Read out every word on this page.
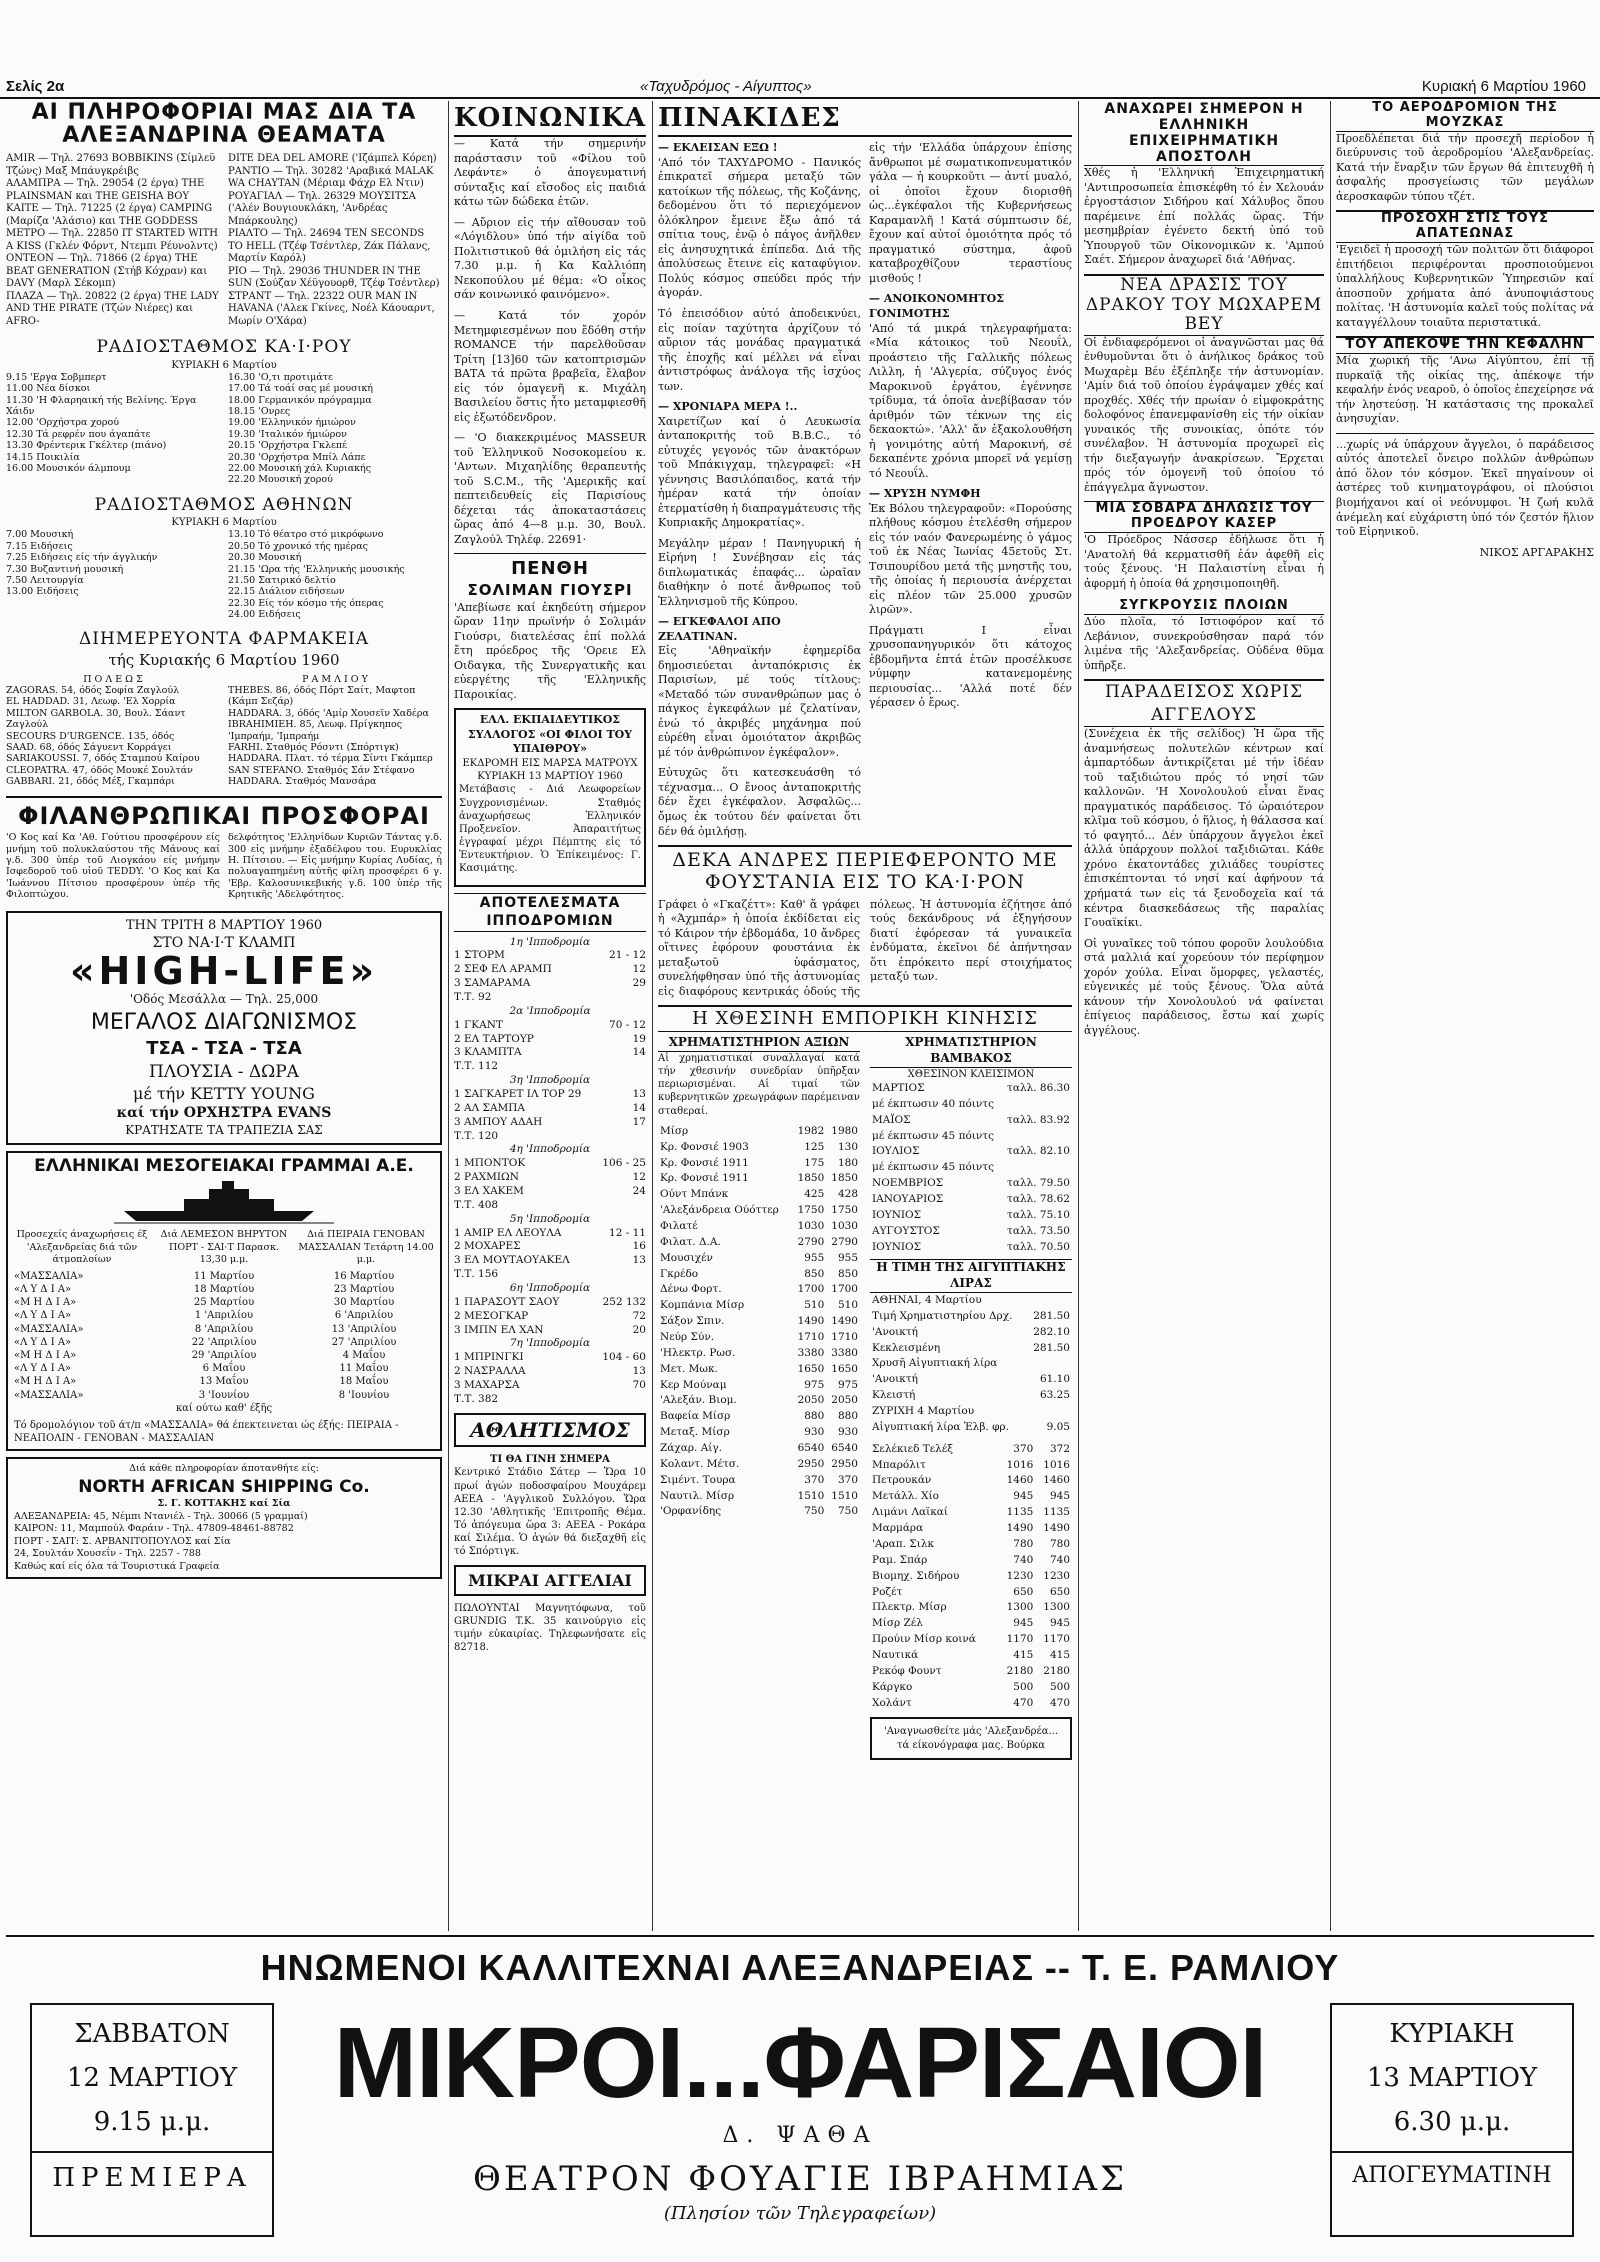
Σελίς 2α	«Ταχυδρόμος - Αίγυπτος»	Κυριακή 6 Μαρτίου 1960
ΑΙ ΠΛΗΡΟΦΟΡΙΑΙ ΜΑΣ ΔΙΑ ΤΑ ΑΛΕΞΑΝΔΡΙΝΑ ΘΕΑΜΑΤΑ
AMIR — Τηλ. 27693 BOBBIKINS (Σίμλεϋ Τζώνς) Μαξ Μπάυγκρέιβς
ΑΛΑΜΠΡΑ — Τηλ. 29054 (2 έργα) THE PLAINSMAN και THE GEISHA BOY
ΚΑΙΤΕ — Τηλ. 71225 (2 έργα) CAMPING (Μαρίζα 'Αλάσιο) και THE GODDESS
ΜΕΤΡΟ — Τηλ. 22850 IT STARTED WITH A KISS (Γκλέν Φόρντ, Ντεμπι Ρέυνολντς)
ΟΝΤΕΟΝ — Τηλ. 71866 (2 έργα) THE BEAT GENERATION (Στήβ Κόχραν) και DAVY (Μαρλ Σέκομπ)
ΠΛΑΖΑ — Τηλ. 20822 (2 έργα) THE LADY AND THE PIRATE (Τζών Νιέρες) και AFRO-
DITE DEA DEL AMORE ('Ιζάμπελ Κόρεη)
ΡΑΝΤΙΟ — Τηλ. 30282 'Αραβικά MALAK WA CHAYTAN (Μέριαμ Φάχρ Ελ Ντιν)
ΡΟΥΑΓΙΑΛ — Τηλ. 26329 ΜΟΥΣΙΤΣΑ ('Αλέν Βουγιουκλάκη, 'Ανδρέας Μπάρκουλης)
ΡΙΑΛΤΟ — Τηλ. 24694 TEN SECONDS TO HELL (Τζέφ Τσέντλερ, Ζάκ Πάλανς, Μαρτίν Καρόλ)
ΡΙΟ — Τηλ. 29036 THUNDER IN THE SUN (Σούζαν Χέϋγουορθ, Τζέφ Τσέντλερ)
ΣΤΡΑΝΤ — Τηλ. 22322 OUR MAN IN HAVANA ('Αλεκ Γκίνες, Νοέλ Κάουαρντ, Μωρίν Ο'Χάρα)
ΡΑΔΙΟΣΤΑΘΜΟΣ ΚΑ·Ι·ΡΟΥ
ΚΥΡΙΑΚΗ 6 Μαρτίου
9.15 'Εργα Σοβμπερτ
11.00 Νέα δίσκοι
11.30 'Η Φλαρηαική τής Βελίνης. Έργα Χάιδν
12.00 'Ορχήστρα χορού
12.30 Τά ρεφρέν που άγαπάτε
13.30 Φρέντερικ Γκέλτερ (πιάνο)
14.15 Ποικιλία
16.00 Μουσικόν άλμπουμ
16.30 'Ο,τι προτιμάτε
17.00 Τά τοάί σας μέ μουσική
18.00 Γερμανικόν πρόγραμμα
18.15 'Ονρες
19.00 'Ελληνικόν ήμιώρον
19.30 'Ιταλικόν ήμιώρον
20.15 'Ορχήστρα Γκλεπέ
20.30 'Ορχήστρα Μπίλ Λάπε
22.00 Μουσική χάλ Κυριακής
22.20 Μουσική χορού
ΡΑΔΙΟΣΤΑΘΜΟΣ ΑΘΗΝΩΝ
ΚΥΡΙΑΚΗ 6 Μαρτίου
7.00 Μουσική
7.15 Ειδήσεις
7.25 Ειδήσεις είς τήν άγγλικήν
7.30 Βυζαντινή μουσική
7.50 Λειτουργία
13.00 Ειδήσεις
13.10 Τό θέατρο στό μικρόφωνο
20.50 Τό χρονικό τής ημέρας
20.30 Μουσική
21.15 'Ωρα τής 'Ελληνικής μουσικής
21.50 Σατιρικό δελτίο
22.15 Διάλιον ειδήσεων
22.30 Είς τόν κόσμο τής όπερας
24.00 Ειδήσεις
ΔΙΗΜΕΡΕΥΟΝΤΑ ΦΑΡΜΑΚΕΙΑ
τής Κυριακής 6 Μαρτίου 1960
Π Ο Λ Ε Ω Σ
ZAGORAS. 54, όδός Σοφία Ζαγλούλ
EL HADDAD. 31, Λεωφ. 'Ελ Χορρία
MILTON GARBOLA. 30, Βουλ. Σάαντ Ζαγλούλ
SECOURS D'URGENCE. 135, όδός
SAAD. 68, όδός Σάγυεντ Κορράγει
SARIAKOUSSI. 7, όδός Σταμπού Καίρου
CLEOPATRA. 47, όδός Μουκέ Σουλτάν
GABBARI. 21, όδός Μέξ, Γκαμπάρι
Ρ Α Μ Λ Ι Ο Υ
THEBES. 86, όδός Πόρτ Σαίτ, Μαφτοπ (Κάμπ Σεζάρ)
HADDARA. 3, όδός 'Αμίρ Χουσεϊν Χαδέρα
IBRAHIMIEH. 85, Λεωφ. Πρίγκηπος 'Ιμπραήμ, 'Ιμπραήμ
FARHI. Σταθμός Ρόσντι (Σπόρτιγκ)
HADDARA. Πλατ. τό τέρμα Σίντι Γκάμπερ
SAN STEFANO. Σταθμός Σάν Στέφανο
HADDARA. Σταθμός Μανσάρα
ΦΙΛΑΝΘΡΩΠΙΚΑΙ ΠΡΟΣΦΟΡΑΙ
'Ο Κος καί Κα 'Αθ. Γούτιου προσφέρουν είς μνήμη τοῦ πολυκλαύστου τῆς Μάνους καί γ.δ. 300 ὑπέρ τοῦ Λιογκάου είς μνήμην Ισφεδοροῦ τοῦ υἱοῦ TEDDY. 'Ο Κος καί Κα 'Ιωάννου Πίτσιου προσφέρουν ὑπέρ τῆς Φιλοπτώχου.
δελφότητος 'Ελληνίδων Κυριῶν Τάντας γ.δ. 300 εἰς μνήμην ἐξαδέλφου του. Ευρυκλίας Η. Πίτσιου. — Εἰς μνήμην Κυρίας Λυδίας, ἡ πολυαγαπημένη αὐτῆς φίλη προσφέρει 6 γ. 'Εβρ. Καλοσυνικεβικής γ.δ. 100 ὑπέρ τῆς Κρητικῆς 'Αδελφότητος.
ΤΗΝ ΤΡΙΤΗ 8 ΜΑΡΤΙΟΥ 1960
ΣΤΟ ΝΑ·Ι·Τ ΚΛΑΜΠ
«HIGH-LIFE»
'Οδός Μεσάλλα — Τηλ. 25,000
ΜΕΓΑΛΟΣ ΔΙΑΓΩΝΙΣΜΟΣ
ΤΣΑ - ΤΣΑ - ΤΣΑ
ΠΛΟΥΣΙΑ - ΔΩΡΑ
μέ τήν KETTY YOUNG
καί τήν ΟΡΧΗΣΤΡΑ EVANS
ΚΡΑΤΗΣΑΤΕ ΤΑ ΤΡΑΠΕΖΙΑ ΣΑΣ
ΕΛΛΗΝΙΚΑΙ ΜΕΣΟΓΕΙΑΚΑΙ ΓΡΑΜΜΑΙ Α.Ε.
Προσεχείς άναχωρήσεις έξ 'Αλεξανδρείας διά τῶν άτμοπλοίων
Διά ΛΕΜΕΣΟΝ ΒΗΡΥΤΟΝ ΠΟΡΤ - ΣΑΙ·Τ Παρασκ. 13,30 μ.μ.
Διά ΠΕΙΡΑΙΑ ΓΕΝΟΒΑΝ ΜΑΣΣΑΛΙΑΝ Τετάρτη 14.00 μ.μ.
«ΜΑΣΣΑΛΙΑ»	11 Μαρτίου	16 Μαρτίου
«Λ Υ Δ Ι Α»	18 Μαρτίου	23 Μαρτίου
«Μ Η Δ Ι Α»	25 Μαρτίου	30 Μαρτίου
«Λ Υ Δ Ι Α»	1 'Απριλίου	6 'Απριλίου
«ΜΑΣΣΑΛΙΑ»	8 'Απριλίου	13 'Απριλίου
«Λ Υ Δ Ι Α»	22 'Απριλίου	27 'Απριλίου
«Μ Η Δ Ι Α»	29 'Απριλίου	4 Μαΐου
«Λ Υ Δ Ι Α»	6 Μαΐου	11 Μαΐου
«Μ Η Δ Ι Α»	13 Μαΐου	18 Μαΐου
«ΜΑΣΣΑΛΙΑ»	3 'Ιουνίου	8 'Ιουνίου
καί ούτω καθ' έξῆς
Τό δρομολόγιον τοῦ άτ/π «ΜΑΣΣΑΛΙΑ» θά έπεκτεινεται ώς έξής: ΠΕΙΡΑΙΑ - ΝΕΑΠΟΛΙΝ - ΓΕΝΟΒΑΝ - ΜΑΣΣΑΛΙΑΝ
Διά κάθε πληροφορίαν άποτανθήτε είς:
NORTH AFRICAN SHIPPING Co.
Σ. Γ. ΚΟΤΤΑΚΗΣ καί Σία
ΑΛΕΞΑΝΔΡΕΙΑ: 45, Νέμπι Ντανιέλ - Τηλ. 30066 (5 γραμμαί)
ΚΑΙΡΟΝ: 11, Μαμπούλ Φαράιν - Τηλ. 47809-48461-88782
ΠΟΡΤ - ΣΑΙΤ: Σ. ΑΡΒΑΝΙΤΟΠΟΥΛΟΣ καί Σία
24, Σουλτάν Χουσεΐν - Τηλ. 2257 - 788
Καθώς καί είς όλα τά Τουριστικά Γραφεία
ΚΟΙΝΩΝΙΚΑ

— Κατά τήν σημερινήν παράστασιν τοῦ «Φίλου τοῦ Λεφάντε» ὁ ἀπογευματινή σύνταξις καί εἴσοδος εἰς παιδιά κάτω τῶν δώδεκα ἐτῶν.

— Αὔριον εἰς τήν αἴθουσαν τοῦ «Λόγιδλου» ὑπό τήν αἰγίδα τοῦ Πολιτιστικοῦ θά ὁμιλήση εἰς τάς 7.30 μ.μ. ἡ Κα Καλλιόπη Νεκοπούλου μέ θέμα: «Ὁ οἶκος σάν κοινωνικό φαινόμενο».

— Κατά τόν χορόν Μετημφιεσμένων που ἔδόθη στήν ROMANCE τήν παρελθοῦσαν Τρίτη [13]60 τῶν κατοπτρισμῶν ΒΑΤΑ τά πρῶτα βραβεῖα, ἔλαβον εἰς τόν ὀμαγενῆ κ. Μιχάλη Βασιλείου ὅστις ἦτο μεταμφιεσθῆ εἰς ἐξωτόδενδρον.

— 'Ο διακεκριμένος MASSEUR τοῦ Ἑλληνικοῦ Νοσοκομείου κ. 'Αντων. Μιχαηλίδης θεραπευτής τοῦ S.C.M., τῆς 'Αμερικῆς καί πεπτειδευθείς εἰς Παρισίους δέχεται τάς ἀποκαταστάσεις ὥρας ἀπό 4—8 μ.μ. 30, Βουλ. Ζαγλούλ Τηλέφ. 22691·

ΠΕΝΘΗ
ΣΟΛΙΜΑΝ ΓΙΟΥΣΡΙ

'Απεβίωσε καί ἐκηδεύτη σήμερον ὥραν 11ην πρωϊνήν ὁ Σολιμάν Γιούσρι, διατελέσας ἐπί πολλά ἔτη πρόεδρος τῆς 'Ορειε Ελ Οιδαγκα, τῆς Συνεργατικῆς και εὐεργέτης τῆς 'Ελληνικῆς Παροικίας.

ΕΛΛ. ΕΚΠΑΙΔΕΥΤΙΚΟΣ ΣΥΛΛΟΓΟΣ «ΟΙ ΦΙΛΟΙ ΤΟΥ ΥΠΑΙΘΡΟΥ»
ΕΚΔΡΟΜΗ ΕΙΣ ΜΑΡΣΑ ΜΑΤΡΟΥΧ ΚΥΡΙΑΚΗ 13 ΜΑΡΤΙΟΥ 1960
Μετάβασις - Διά Λεωφορείων Συγχρονισμένων. Σταθμός ἀναχωρήσεως Ἑλληνικόν Προξενεῖον. Ἀπαραιτήτως ἐγγραφαί μέχρι Πέμπτης εἰς τό Ἐντευκτήριον. Ὁ Ἐπίκειμένος: Γ. Κασιμάτης.
ΑΠΟΤΕΛΕΣΜΑΤΑ ΙΠΠΟΔΡΟΜΙΩΝ
1η 'Ιπποδρομία
1 ΣΤΟΡΜ	21 - 12
2 ΣΕΦ ΕΛ ΑΡΑΜΠ	12
3 ΣΑΜΑΡΑΜΑ	29
Τ.Τ. 92
2α 'Ιπποδρομία
1 ΓΚΑΝΤ	70 - 12
2 ΕΛ ΤΑΡΤΟΥΡ	19
3 ΚΛΑΜΠΤΑ	14
Τ.Τ. 112
3η 'Ιπποδρομία
1 ΣΑΓΚΑΡΕΤ ΙΛ ΤΟΡ 29	13
2 ΑΛ ΣΑΜΠΑ	14
3 ΑΜΠΟΥ ΑΔΑΗ	17
Τ.Τ. 120
4η 'Ιπποδρομία
1 ΜΠΟΝΤΟΚ	106 - 25
2 ΡΑΧΜΙΩΝ	12
3 ΕΛ ΧΑΚΕΜ	24
Τ.Τ. 408
5η 'Ιπποδρομία
1 ΑΜΙΡ ΕΛ ΛΕΟΥΛΑ	12 - 11
2 ΜΟΧΑΡΕΣ	16
3 ΕΛ ΜΟΥΤΑΟΥΑΚΕΛ	13
Τ.Τ. 156
6η 'Ιπποδρομία
1 ΠΑΡΑΣΟΥΤ ΣΑΟΥ	252 132
2 ΜΕΣΟΓΚΑΡ	72
3 ΙΜΠΝ ΕΛ ΧΑΝ	20
7η 'Ιπποδρομία
1 ΜΠΡΙΝΓΚΙ	104 - 60
2 ΝΑΣΡΑΛΛΑ	13
3 ΜΑΧΑΡΣΑ	70
Τ.Τ. 382
ΑΘΛΗΤΙΣΜΟΣ
ΤΙ ΘΑ ΓΙΝΗ ΣΗΜΕΡΑ

Κεντρικό Στάδιο Σάτερ — Ὥρα 10 πρωί ἀγών ποδοσφαίρου Μουχάρεμ ΑΕΕΑ - 'Αγγλικοῦ Συλλόγου. Ὥρα 12.30 'Αθλητικῆς 'Επιτροπῆς Θέμα. Τό ἀπόγευμα ὥρα 3: ΑΕΕΑ - Ροκάρα καί Σιλέμα. Ὁ ἀγών θά διεξαχθῆ εἰς τό Σπόρτιγκ.

ΜΙΚΡΑΙ ΑΓΓΕΛΙΑΙ

ΠΩΛΟΥΝΤΑΙ Μαγνητόφωνα, τοῦ GRUNDIG T.K. 35 καινούργιο εἰς τιμήν εὐκαιρίας. Τηλεφωνήσατε εἰς 82718.

ΠΙΝΑΚΙΔΕΣ
— ΕΚΛΕΙΣΑΝ ΕΞΩ !

'Από τόν ΤΑΧΥΔΡΟΜΟ - Πανικός ἐπικρατεῖ σήμερα μεταξύ τῶν κατοίκων τῆς πόλεως, τῆς Κοζάνης, δεδομένου ὅτι τό περιεχόμενον ὁλόκληρον ἔμεινε ἔξω ἀπό τά σπίτια τους, ἐνῷ ὁ πάγος ἀνῆλθεν εἰς ἀνησυχητικά ἐπίπεδα. Διά τῆς ἀπολύσεως ἔτεινε εἰς καταφύγιον. Πολύς κόσμος σπεύδει πρός τήν ἀγοράν.

Τό ἐπεισόδιον αὐτό ἀποδεικνύει, εἰς ποίαν ταχύτητα ἀρχίζουν τό αὔριον τάς μονάδας πραγματικά τῆς ἐποχῆς καί μέλλει νά εἶναι ἀντιστρόφως ἀνάλογα τῆς ἰσχύος των.

— ΧΡΟΝΙΑΡΑ ΜΕΡΑ !..

Χαιρετίζων καί ὁ Λευκωσία ἀνταποκριτής τοῦ Β.Β.C., τό εὐτυχές γεγονός τῶν ἀνακτόρων τοῦ Μπάκιγχαμ, τηλεγραφεῖ: «Η γέννησις Βασιλόπαιδος, κατά τήν ἡμέραν κατά τήν ὁποίαν ἐτερματίσθη ἡ διαπραγμάτευσις τῆς Κυπριακῆς Δημοκρατίας».

Μεγάλην μέραν ! Πανηγυρική ἡ Εἰρήνη ! Συνέβησαν εἰς τάς διπλωματικάς ἐπαφάς... ὡραῖαν διαθήκην ὁ ποτέ ἄνθρωπος τοῦ Ἐλληνισμοῦ τῆς Κύπρου.

— ΕΓΚΕΦΑΛΟΙ ΑΠΟ ΖΕΛΑΤΙΝΑΝ.

Εἰς 'Αθηναϊκήν ἐφημερίδα δημοσιεύεται ἀνταπόκρισις ἐκ Παρισίων, μέ τούς τίτλους: «Μεταδό τών συνανθρώπων μας ὁ πάγκος ἐγκεφάλων μέ ζελατίναν, ἐνώ τό ἀκριβές μηχάνημα πού εὑρέθη εἶναι ὁμοιότατον ἀκριβῶς μέ τόν ἀνθρώπινον ἐγκέφαλον».

Εὐτυχῶς ὅτι κατεσκευάσθη τό τέχνασμα... Ο ἔνοος ἀνταποκριτής δέν ἔχει ἐγκέφαλον. Ἀσφαλῶς... ὄμως ἐκ τούτου δέν φαίνεται ὅτι δέν θά ὁμιλήσῃ.

εἰς τήν 'Ελλάδα ὑπάρχουν ἐπίσης ἄνθρωποι μέ σωματικοπνευματικόν γάλα — ἡ κουρκοῦτι — ἀντί μυαλό, οἱ ὁποῖοι ἔχουν διορισθῆ ὡς...ἐγκέφαλοι τῆς Κυβερνήσεως Καραμανλῆ ! Κατά σύμπτωσιν δέ, ἔχουν καί αὐτοί ὁμοιότητα πρός τό πραγματικό σύστημα, ἀφοῦ καταβροχθίζουν τεραστίους μισθούς !

— ΑΝΟΙΚΟΝΟΜΗΤΟΣ ΓΟΝΙΜΟΤΗΣ

'Από τά μικρά τηλεγραφήματα: «Μία κάτοικος τοῦ Νεουΐλ, προάστειο τῆς Γαλλικῆς πόλεως Λιλλη, ἡ 'Αλγερία, σύζυγος ἐνός Μαροκινοῦ ἐργάτου, ἐγέννησε τρίδυμα, τά ὁποῖα ἀνεβίβασαν τόν ἀριθμόν τῶν τέκνων της εἰς δεκαοκτώ». 'Αλλ' ἄν ἐξακολουθήση ἡ γονιμότης αὐτή Μαροκινή, σέ δεκαπέντε χρόνια μπορεῖ νά γεμίσῃ τό Νεουΐλ.

— ΧΡΥΣΗ ΝΥΜΦΗ

Ἐκ Βόλου τηλεγραφοῦν: «Πορούσης πλήθους κόσμου ἐτελέσθη σήμερον εἰς τόν ναόν Φανερωμένης ὁ γάμος τοῦ ἐκ Νέας Ἰωνίας 45ετοῦς Στ. Τσιπουρίδου μετά τῆς μνηστῆς του, τῆς ὁποίας ἡ περιουσία ἀνέρχεται εἰς πλέον τῶν 25.000 χρυσῶν λιρῶν».

Πράγματι Ι εἶναι χρυσοπανηγυρικόν ὅτι κάτοχος ἑβδομῆντα ἑπτά ἐτῶν προσέλκυσε νύμφην κατανεμομένης περιουσίας... 'Αλλά ποτέ δέν γέρασεν ὁ ἔρως.

ΔΕΚΑ ΑΝΔΡΕΣ ΠΕΡΙΕΦΕΡΟΝΤΟ ΜΕ ΦΟΥΣΤΑΝΙΑ ΕΙΣ ΤΟ ΚΑ·Ι·ΡΟΝ

Γράφει ὁ «Γκαζέττ»: Καθ' ἅ γράφει ἡ «Άχμπάρ» ἡ ὁποία ἐκδίδεται εἰς τό Κάιρον τήν ἑβδομάδα, 10 ἄνδρες οἵτινες ἐφόρουν φουστάνια ἐκ μεταξωτοῦ ὑφάσματος, συνελήφθησαν ὑπό τῆς ἀστυνομίας εἰς διαφόρους κεντρικάς ὁδούς τῆς πόλεως. Ἡ ἀστυνομία ἐζήτησε ἀπό τούς δεκάνδρους νά ἐξηγήσουν διατί ἐφόρεσαν τά γυναικεῖα ἐνδύματα, ἐκεῖνοι δέ ἀπήντησαν ὅτι ἐπρόκειτο περί στοιχήματος μεταξύ των.

Η ΧΘΕΣΙΝΗ ΕΜΠΟΡΙΚΗ ΚΙΝΗΣΙΣ
ΧΡΗΜΑΤΙΣΤΗΡΙΟΝ ΑΞΙΩΝ

Αἱ χρηματιστικαί συναλλαγαί κατά τήν χθεσινήν συνεδρίαν ὑπῆρξαν περιωρισμέναι. Αἱ τιμαί τῶν κυβερνητικῶν χρεωγράφων παρέμειναν σταθεραί.

Μίσρ	1982	1980
Κρ. Φονσιέ 1903	125	130
Κρ. Φονσιέ 1911	175	180
Κρ. Φονσιέ 1911	1850	1850
Ούντ Μπάνκ	425	428
'Αλεξάνδρεια Ούόττερ	1750	1750
Φιλατέ	1030	1030
Φιλατ. Δ.Α.	2790	2790
Μουσιχέν	955	955
Γκρέδο	850	850
Δένω Φορτ.	1700	1700
Κομπάνια Μίσρ	510	510
Σάξον Σπιν.	1490	1490
Νεύρ Σύν.	1710	1710
'Ηλεκτρ. Ρωσ.	3380	3380
Μετ. Μωκ.	1650	1650
Κερ Μούναμ	975	975
'Αλεξάν. Βιομ.	2050	2050
Βαφεία Μίσρ	880	880
Μεταξ. Μίσρ	930	930
Ζάχαρ. Αίγ.	6540	6540
Κολαντ. Μέτσ.	2950	2950
Σιμέντ. Τουρα	370	370
Ναυτιλ. Μίσρ	1510	1510
'Ορφανίδης	750	750
ΧΡΗΜΑΤΙΣΤΗΡΙΟΝ ΒΑΜΒΑΚΟΣ
ΧΘΕΣΙΝΟΝ ΚΛΕΙΣΙΜΟΝ
ΜΑΡΤΙΟΣ	ταλλ. 86.30
μέ έκπτωσιν 40 πόιντς	
ΜΑΪΟΣ	ταλλ. 83.92
μέ έκπτωσιν 45 πόιντς	
ΙΟΥΛΙΟΣ	ταλλ. 82.10
μέ έκπτωσιν 45 πόιντς	
ΝΟΕΜΒΡΙΟΣ	ταλλ. 79.50
ΙΑΝΟΥΑΡΙΟΣ	ταλλ. 78.62
ΙΟΥΝΙΟΣ	ταλλ. 75.10
ΑΥΓΟΥΣΤΟΣ	ταλλ. 73.50
ΙΟΥΝΙΟΣ	ταλλ. 70.50
Η ΤΙΜΗ ΤΗΣ ΑΙΓΥΠΤΙΑΚΗΣ ΛΙΡΑΣ
ΑΘΗΝΑΙ, 4 Μαρτίου	
Τιμή Χρηματιστηρίου Δρχ.	281.50
'Ανοικτή	282.10
Κεκλεισμένη	281.50
Χρυσῆ Αἰγυπτιακή λίρα	
'Ανοικτή	61.10
Κλειστή	63.25
ΖΥΡΙΧΗ 4 Μαρτίου	
Αἰγυπτιακή λίρα Ἑλβ. φρ.	9.05
Σελέκιεδ Τελέξ	370	372
Μπαρόλιτ	1016	1016
Πετρουκάν	1460	1460
Μετάλλ. Χίο	945	945
Λιμάνι Λαϊκαί	1135	1135
Μαρμάρα	1490	1490
'Αραπ. Σιλκ	780	780
Ραμ. Σπάρ	740	740
Βιομηχ. Σιδήρου	1230	1230
Ροζέτ	650	650
Πλεκτρ. Μίσρ	1300	1300
Μίσρ Ζέλ	945	945
Προύιν Μίσρ κοινά	1170	1170
Ναυτικά	415	415
Ρεκόφ Φουντ	2180	2180
Κάργκο	500	500
Χολάντ	470	470
'Αναγνωσθείτε μάς 'Αλεξανδρέα... τά είκονόγραφα μας. Βούρκα
ΑΝΑΧΩΡΕΙ ΣΗΜΕΡΟΝ Η ΕΛΛΗΝΙΚΗ ΕΠΙΧΕΙΡΗΜΑΤΙΚΗ ΑΠΟΣΤΟΛΗ

Χθές ἡ 'Ελληνική Ἐπιχειρηματική 'Αντιπροσωπεία ἐπισκέφθη τό ἐν Χελουάν ἐργοστάσιον Σιδήρου καί Χάλυβος ὅπου παρέμεινε ἐπί πολλάς ὥρας. Τήν μεσημβρίαν ἐγένετο δεκτή ὑπό τοῦ Ὑπουργοῦ τῶν Οἰκονομικῶν κ. 'Αμπού Σαέτ. Σήμερον ἀναχωρεῖ διά 'Αθήνας.

ΝΕΑ ΔΡΑΣΙΣ ΤΟΥ ΔΡΑΚΟΥ ΤΟΥ ΜΩΧΑΡΕΜ ΒΕΥ

Οἱ ἐνδιαφερόμενοι οἱ ἀναγνῶσται μας θά ἐνθυμοῦνται ὅτι ὁ ἀνήλικος δράκος τοῦ Μωχαρὲμ Βέυ ἐξέπληξε τήν ἀστυνομίαν. 'Αμίν διά τοῦ ὁποίου ἐγράψαμεν χθές καί προχθές. Χθές τήν πρωίαν ὁ εἰμφοκράτης δολοφόνος ἐπανεμφανίσθη εἰς τήν οἰκίαν γυναικός τῆς συνοικίας, ὁπότε τόν συνέλαβον. Ἡ ἀστυνομία προχωρεῖ εἰς τήν διεξαγωγήν ἀνακρίσεων. Ἔρχεται πρός τόν ὁμογενῆ τοῦ ὁποίου τό ἐπάγγελμα ἄγνωστον.

ΜΙΑ ΣΟΒΑΡΑ ΔΗΛΩΣΙΣ ΤΟΥ ΠΡΟΕΔΡΟΥ ΚΑΣΕΡ

'Ο Πρόεδρος Νάσσερ ἐδήλωσε ὅτι ἡ 'Ανατολή θά κερματισθῆ ἐάν ἀφεθῆ εἰς τούς ξένους. 'Η Παλαιστίνη εἶναι ἡ ἀφορμή ἡ ὁποία θά χρησιμοποιηθῆ.

ΣΥΓΚΡΟΥΣΙΣ ΠΛΟΙΩΝ

Δύο πλοῖα, τό Ιστιοφόρον καί τό Λεβάνιον, συνεκρούσθησαν παρά τόν λιμένα τῆς 'Αλεξανδρείας. Οὐδένα θῦμα ὑπῆρξε.

ΠΑΡΑΔΕΙΣΟΣ ΧΩΡΙΣ ΑΓΓΕΛΟΥΣ

(Συνέχεια ἐκ τῆς σελίδος) Ἡ ὥρα τῆς ἀναμνήσεως πολυτελῶν κέντρων καί ἀμπαρτόδων ἀντικρίζεται μέ τήν ἰδέαν τοῦ ταξιδιώτου πρός τό νησί τῶν καλλονῶν. 'Η Χονολουλού εἶναι ἕνας πραγματικός παράδεισος. Τό ὡραιότερον κλῖμα τοῦ κόσμου, ὁ ἥλιος, ἡ θάλασσα καί τό φαγητό... Δέν ὑπάρχουν ἄγγελοι ἐκεῖ ἀλλά ὑπάρχουν πολλοί ταξιδιῶται. Κάθε χρόνο ἑκατοντάδες χιλιάδες τουρίστες ἐπισκέπτονται τό νησί καί ἀφήνουν τά χρήματά των εἰς τά ξενοδοχεῖα καί τά κέντρα διασκεδάσεως τῆς παραλίας Γουαϊκίκι.

Οἱ γυναῖκες τοῦ τόπου φοροῦν λουλούδια στά μαλλιά καί χορεύουν τόν περίφημον χορόν χούλα. Εἶναι ὅμορφες, γελαστές, εὐγενικές μέ τούς ξένους. Ὅλα αὐτά κάνουν τήν Χονολουλού νά φαίνεται ἐπίγειος παράδεισος, ἔστω καί χωρίς ἀγγέλους.

ΤΟ ΑΕΡΟΔΡΟΜΙΟΝ ΤΗΣ ΜΟΥΖΚΑΣ

Προεδλέπεται διά τήν προσεχῆ περίοδον ἡ διεύρυνσις τοῦ ἀεροδρομίου 'Αλεξανδρείας. Κατά τήν ἔναρξιν τῶν ἔργων θά ἐπιτευχθῆ ἡ ἀσφαλής προσγείωσις τῶν μεγάλων ἀεροσκαφῶν τύπου τζέτ.

ΠΡΟΣΟΧΗ ΣΤΙΣ ΤΟΥΣ ΑΠΑΤΕΩΝΑΣ

'Εγειδεῖ ἡ προσοχή τῶν πολιτῶν ὅτι διάφοροι ἐπιτήδειοι περιφέρονται προσποιούμενοι ὑπαλλήλους Κυβερνητικῶν Ὑπηρεσιῶν καί ἀποσποῦν χρήματα ἀπό ἀνυποψιάστους πολίτας. 'Η ἀστυνομία καλεῖ τούς πολίτας νά καταγγέλλουν τοιαῦτα περιστατικά.

ΤΟΥ ΑΠΕΚΟΨΕ ΤΗΝ ΚΕΦΑΛΗΝ

Μία χωρική τῆς 'Ανω Αἰγύπτου, ἐπί τῇ πυρκαϊᾷ τῆς οἰκίας της, ἀπέκοψε τήν κεφαλήν ἑνός νεαροῦ, ὁ ὁποῖος ἐπεχείρησε νά τήν ληστεύσῃ. Ἡ κατάστασις της προκαλεῖ ἀνησυχίαν.

...χωρίς νά ὑπάρχουν ἄγγελοι, ὁ παράδεισος αὐτός ἀποτελεῖ ὄνειρο πολλῶν ἀνθρώπων ἀπό ὅλον τόν κόσμον. Ἐκεῖ πηγαίνουν οἱ ἀστέρες τοῦ κινηματογράφου, οἱ πλούσιοι βιομήχανοι καί οἱ νεόνυμφοι. Ἡ ζωή κυλᾶ ἀνέμελη καί εὐχάριστη ὑπό τόν ζεστόν ἥλιον τοῦ Εἰρηνικοῦ.

ΝΙΚΟΣ ΑΡΓΑΡΑΚΗΣ
ΗΝΩΜΕΝΟΙ ΚΑΛΛΙΤΕΧΝΑΙ ΑΛΕΞΑΝΔΡΕΙΑΣ -- Τ. Ε. ΡΑΜΛΙΟΥ
ΣΑΒΒΑΤΟΝ
12 ΜΑΡΤΙΟΥ
9.15 μ.μ.
ΠΡΕΜΙΕΡΑ
ΜΙΚΡΟΙ...ΦΑΡΙΣΑΙΟΙ
Δ. ΨΑΘΑ
ΘΕΑΤΡΟΝ ΦΟΥΑΓΙΕ ΙΒΡΑΗΜΙΑΣ
(Πλησίον τῶν Τηλεγραφείων)
ΚΥΡΙΑΚΗ
13 ΜΑΡΤΙΟΥ
6.30 μ.μ.
ΑΠΟΓΕΥΜΑΤΙΝΗ
